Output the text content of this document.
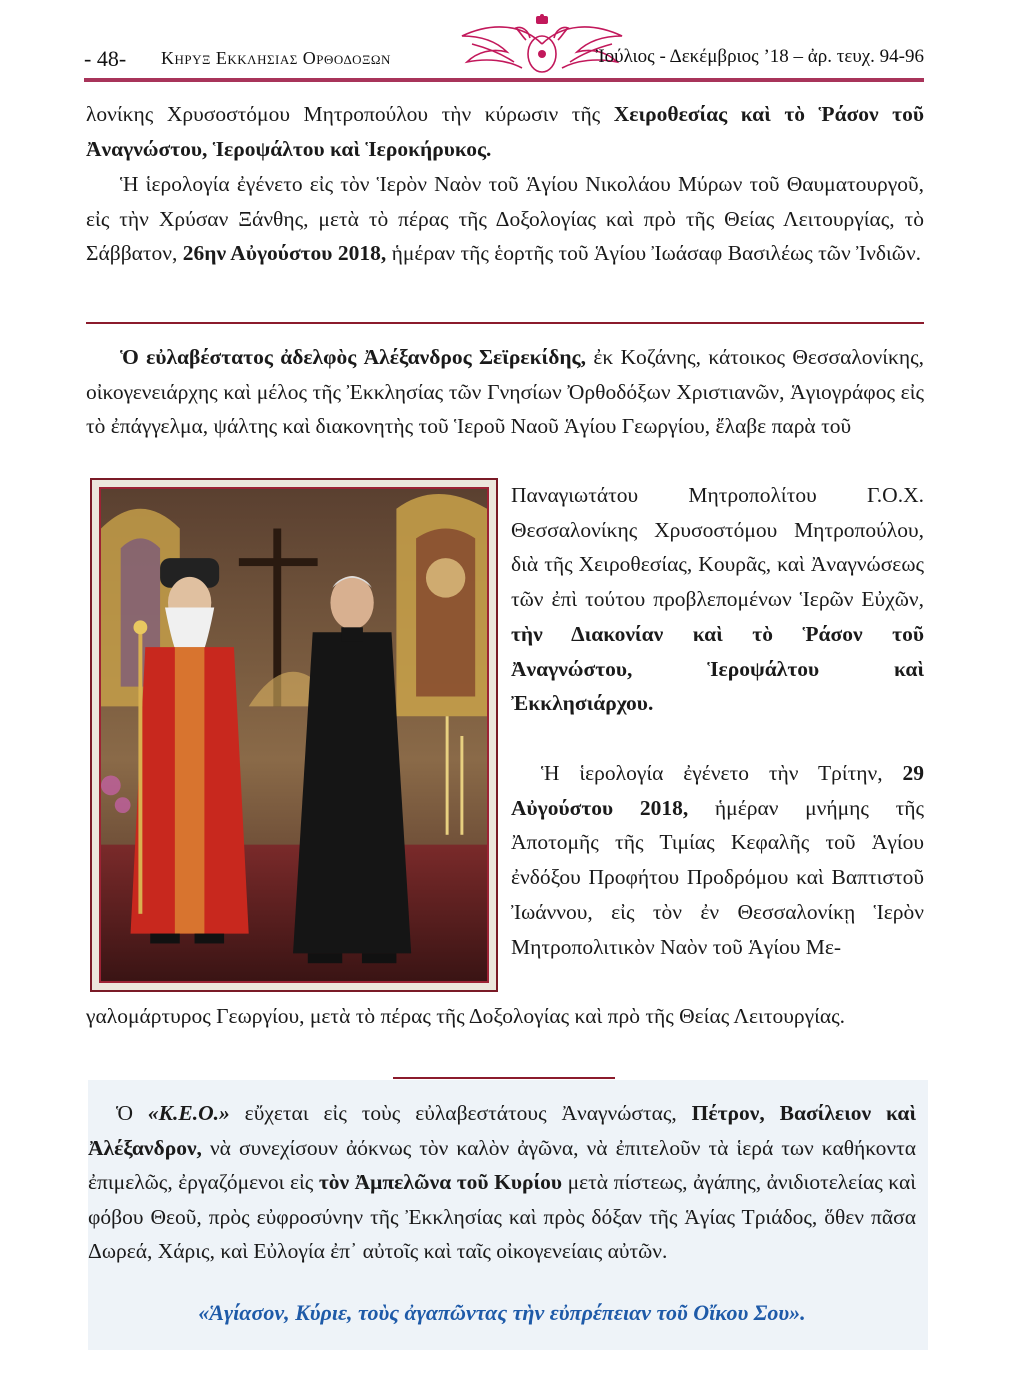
- 48- Κηρυξ Εκκλησιας Ορθοδοξων	Ἰούλιος - Δεκέμβριος ’18 – ἀρ. τευχ. 94-96

λονίκης Χρυσοστόμου Μητροπούλου τὴν κύρωσιν τῆς Χειροθεσίας καὶ τὸ Ῥάσον τοῦ Ἀναγνώστου, Ἱεροψάλτου καὶ Ἱεροκήρυκος.

Ἡ ἱερολογία ἐγένετο εἰς τὸν Ἱερὸν Ναὸν τοῦ Ἁγίου Νικολάου Μύρων τοῦ Θαυματουργοῦ, εἰς τὴν Χρύσαν Ξάνθης, μετὰ τὸ πέρας τῆς Δοξολογίας καὶ πρὸ τῆς Θείας Λειτουργίας, τὸ Σάββατον, 26ην Αὐγούστου 2018, ἡμέραν τῆς ἑορτῆς τοῦ Ἁγίου Ἰωάσαφ Βασιλέως τῶν Ἰνδιῶν.

Ὁ εὐλαβέστατος ἀδελφὸς Ἀλέξανδρος Σεϊρεκίδης, ἐκ Κοζάνης, κάτοικος Θεσσαλονίκης, οἰκογενειάρχης καὶ μέλος τῆς Ἐκκλησίας τῶν Γνησίων Ὀρθοδόξων Χριστιανῶν, Ἁγιογράφος εἰς τὸ ἐπάγγελμα, ψάλτης καὶ διακονητὴς τοῦ Ἱεροῦ Ναοῦ Ἁγίου Γεωργίου, ἔλαβε παρὰ τοῦ

Παναγιωτάτου Μητροπολίτου Γ.Ο.Χ. Θεσσαλονίκης Χρυσοστόμου Μητροπούλου, διὰ τῆς Χειροθεσίας, Κουρᾶς, καὶ Ἀναγνώσεως τῶν ἐπὶ τούτου προβλεπομένων Ἱερῶν Εὐχῶν, τὴν Διακονίαν καὶ τὸ Ῥάσον τοῦ Ἀναγνώστου, Ἱεροψάλτου καὶ Ἐκκλησιάρχου.

Ἡ ἱερολογία ἐγένετο τὴν Τρίτην, 29 Αὐγούστου 2018, ἡμέραν μνήμης τῆς Ἀποτομῆς τῆς Τιμίας Κεφαλῆς τοῦ Ἁγίου ἐνδόξου Προφήτου Προδρόμου καὶ Βαπτιστοῦ Ἰωάννου, εἰς τὸν ἐν Θεσσαλονίκῃ Ἱερὸν Μητροπολιτικὸν Ναὸν τοῦ Ἁγίου Με-

γαλομάρτυρος Γεωργίου, μετὰ τὸ πέρας τῆς Δοξολογίας καὶ πρὸ τῆς Θείας Λειτουργίας.

Ὁ «Κ.Ε.Ο.» εὔχεται εἰς τοὺς εὐλαβεστάτους Ἀναγνώστας, Πέτρον, Βασίλειον καὶ Ἀλέξανδρον, νὰ συνεχίσουν ἀόκνως τὸν καλὸν ἀγῶνα, νὰ ἐπιτελοῦν τὰ ἱερά των καθήκοντα ἐπιμελῶς, ἐργαζόμενοι εἰς τὸν Ἀμπελῶνα τοῦ Κυρίου μετὰ πίστεως, ἀγάπης, ἀνιδιοτελείας καὶ φόβου Θεοῦ, πρὸς εὐφροσύνην τῆς Ἐκκλησίας καὶ πρὸς δόξαν τῆς Ἁγίας Τριάδος, ὅθεν πᾶσα Δωρεά, Χάρις, καὶ Εὐλογία ἐπ᾽ αὐτοῖς καὶ ταῖς οἰκογενείαις αὐτῶν.

«Ἁγίασον, Κύριε, τοὺς ἀγαπῶντας τὴν εὐπρέπειαν τοῦ Οἴκου Σου».
